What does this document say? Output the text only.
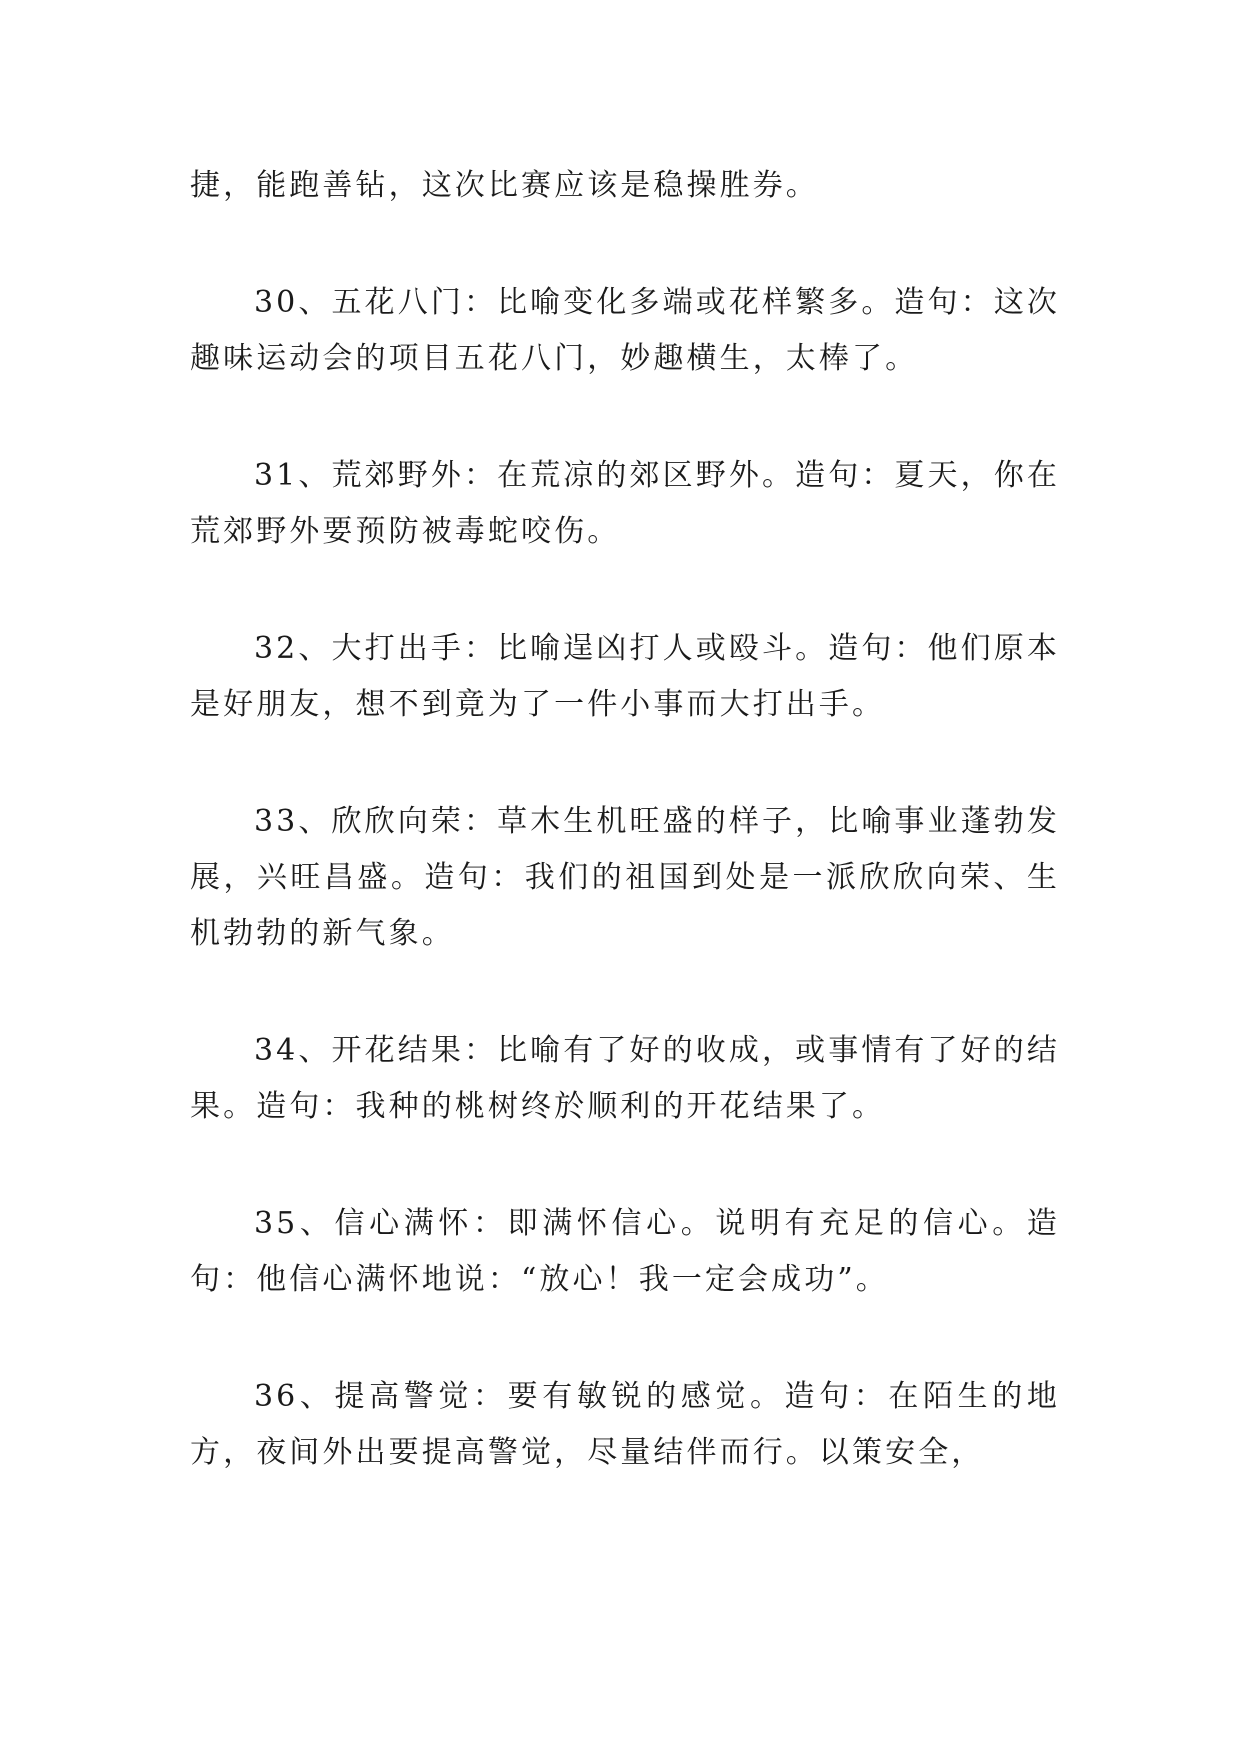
捷，能跑善钻，这次比赛应该是稳操胜券。

30、五花八门：比喻变化多端或花样繁多。造句：这次趣味运动会的项目五花八门，妙趣横生，太棒了。

31、荒郊野外：在荒凉的郊区野外。造句：夏天，你在荒郊野外要预防被毒蛇咬伤。

32、大打出手：比喻逞凶打人或殴斗。造句：他们原本是好朋友，想不到竟为了一件小事而大打出手。

33、欣欣向荣：草木生机旺盛的样子，比喻事业蓬勃发展，兴旺昌盛。造句：我们的祖国到处是一派欣欣向荣、生机勃勃的新气象。

34、开花结果：比喻有了好的收成，或事情有了好的结果。造句：我种的桃树终於顺利的开花结果了。

35、信心满怀：即满怀信心。说明有充足的信心。造句：他信心满怀地说：“放心！我一定会成功”。

36、提高警觉：要有敏锐的感觉。造句：在陌生的地方，夜间外出要提高警觉，尽量结伴而行。以策安全，
